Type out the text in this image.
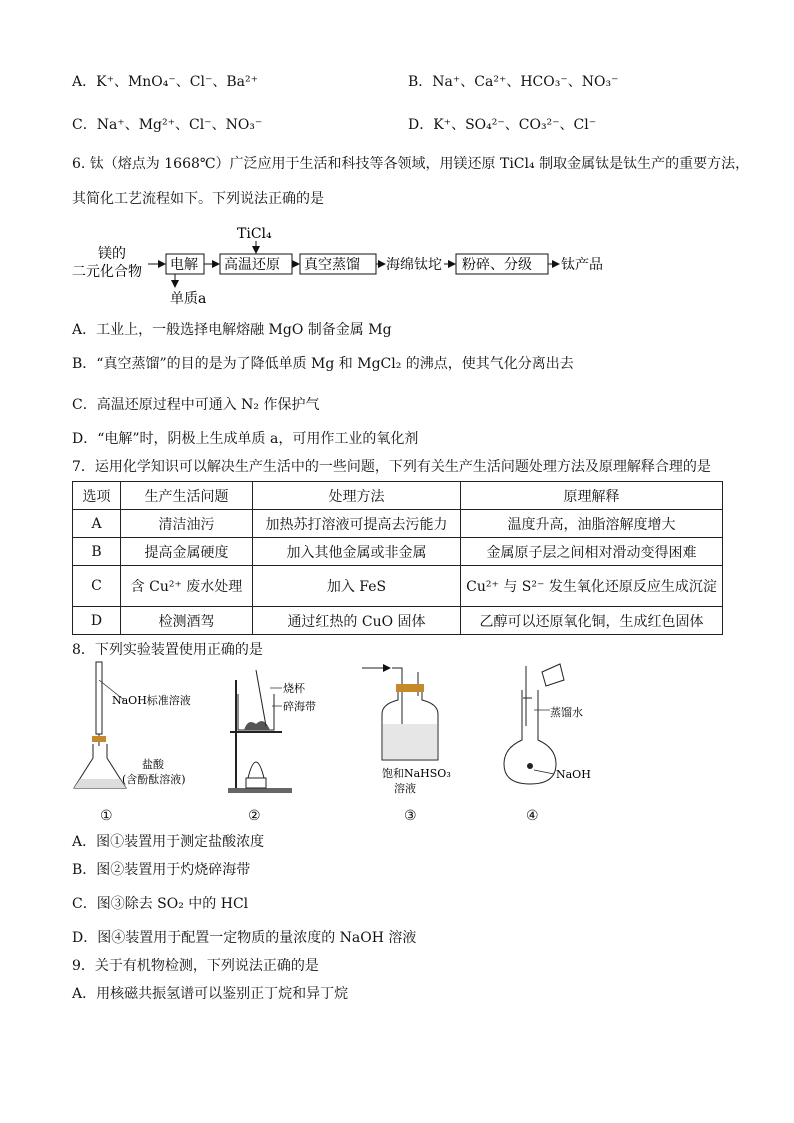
A．K⁺、MnO₄⁻、Cl⁻、Ba²⁺	B．Na⁺、Ca²⁺、HCO₃⁻、NO₃⁻
C．Na⁺、Mg²⁺、Cl⁻、NO₃⁻	D．K⁺、SO₄²⁻、CO₃²⁻、Cl⁻
6. 钛（熔点为 1668℃）广泛应用于生活和科技等各领域，用镁还原 TiCl₄ 制取金属钛是钛生产的重要方法，
其简化工艺流程如下。下列说法正确的是
镁的
二元化合物 电解
单质a
高温还原
TiCl₄
真空蒸馏 海绵钛坨 粉碎、分级 钛产品
A．工业上，一般选择电解熔融 MgO 制备金属 Mg
B．“真空蒸馏”的目的是为了降低单质 Mg 和 MgCl₂ 的沸点，使其气化分离出去
C．高温还原过程中可通入 N₂ 作保护气
D．“电解”时，阴极上生成单质 a，可用作工业的氧化剂
7．运用化学知识可以解决生产生活中的一些问题，下列有关生产生活问题处理方法及原理解释合理的是
选项	生产生活问题	处理方法	原理解释
A	清洁油污	加热苏打溶液可提高去污能力	温度升高，油脂溶解度增大
B	提高金属硬度	加入其他金属或非金属	金属原子层之间相对滑动变得困难
C	含 Cu²⁺ 废水处理	加入 FeS	Cu²⁺ 与 S²⁻ 发生氧化还原反应生成沉淀
D	检测酒驾	通过红热的 CuO 固体	乙醇可以还原氧化铜，生成红色固体
8．下列实验装置使用正确的是
NaOH标准溶液
盐酸
(含酚酞溶液)
①
烧杯
碎海带
②
饱和NaHSO₃
溶液
③
NaOH
蒸馏水
④
A．图①装置用于测定盐酸浓度
B．图②装置用于灼烧碎海带
C．图③除去 SO₂ 中的 HCl
D．图④装置用于配置一定物质的量浓度的 NaOH 溶液
9．关于有机物检测，下列说法正确的是
A．用核磁共振氢谱可以鉴别正丁烷和异丁烷
